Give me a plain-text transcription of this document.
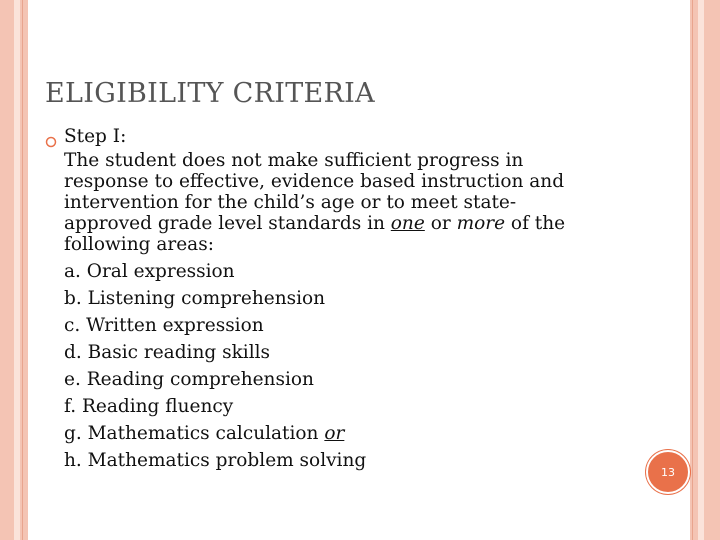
ELIGIBILITY CRITERIA

Step I:

The student does not make sufficient progress in
response to effective, evidence based instruction and
intervention for the child’s age or to meet state-
approved grade level standards in one or more of the
following areas:
a. Oral expression
b. Listening comprehension
c. Written expression
d. Basic reading skills
e. Reading comprehension
f. Reading fluency
g. Mathematics calculation or
h. Mathematics problem solving
13
